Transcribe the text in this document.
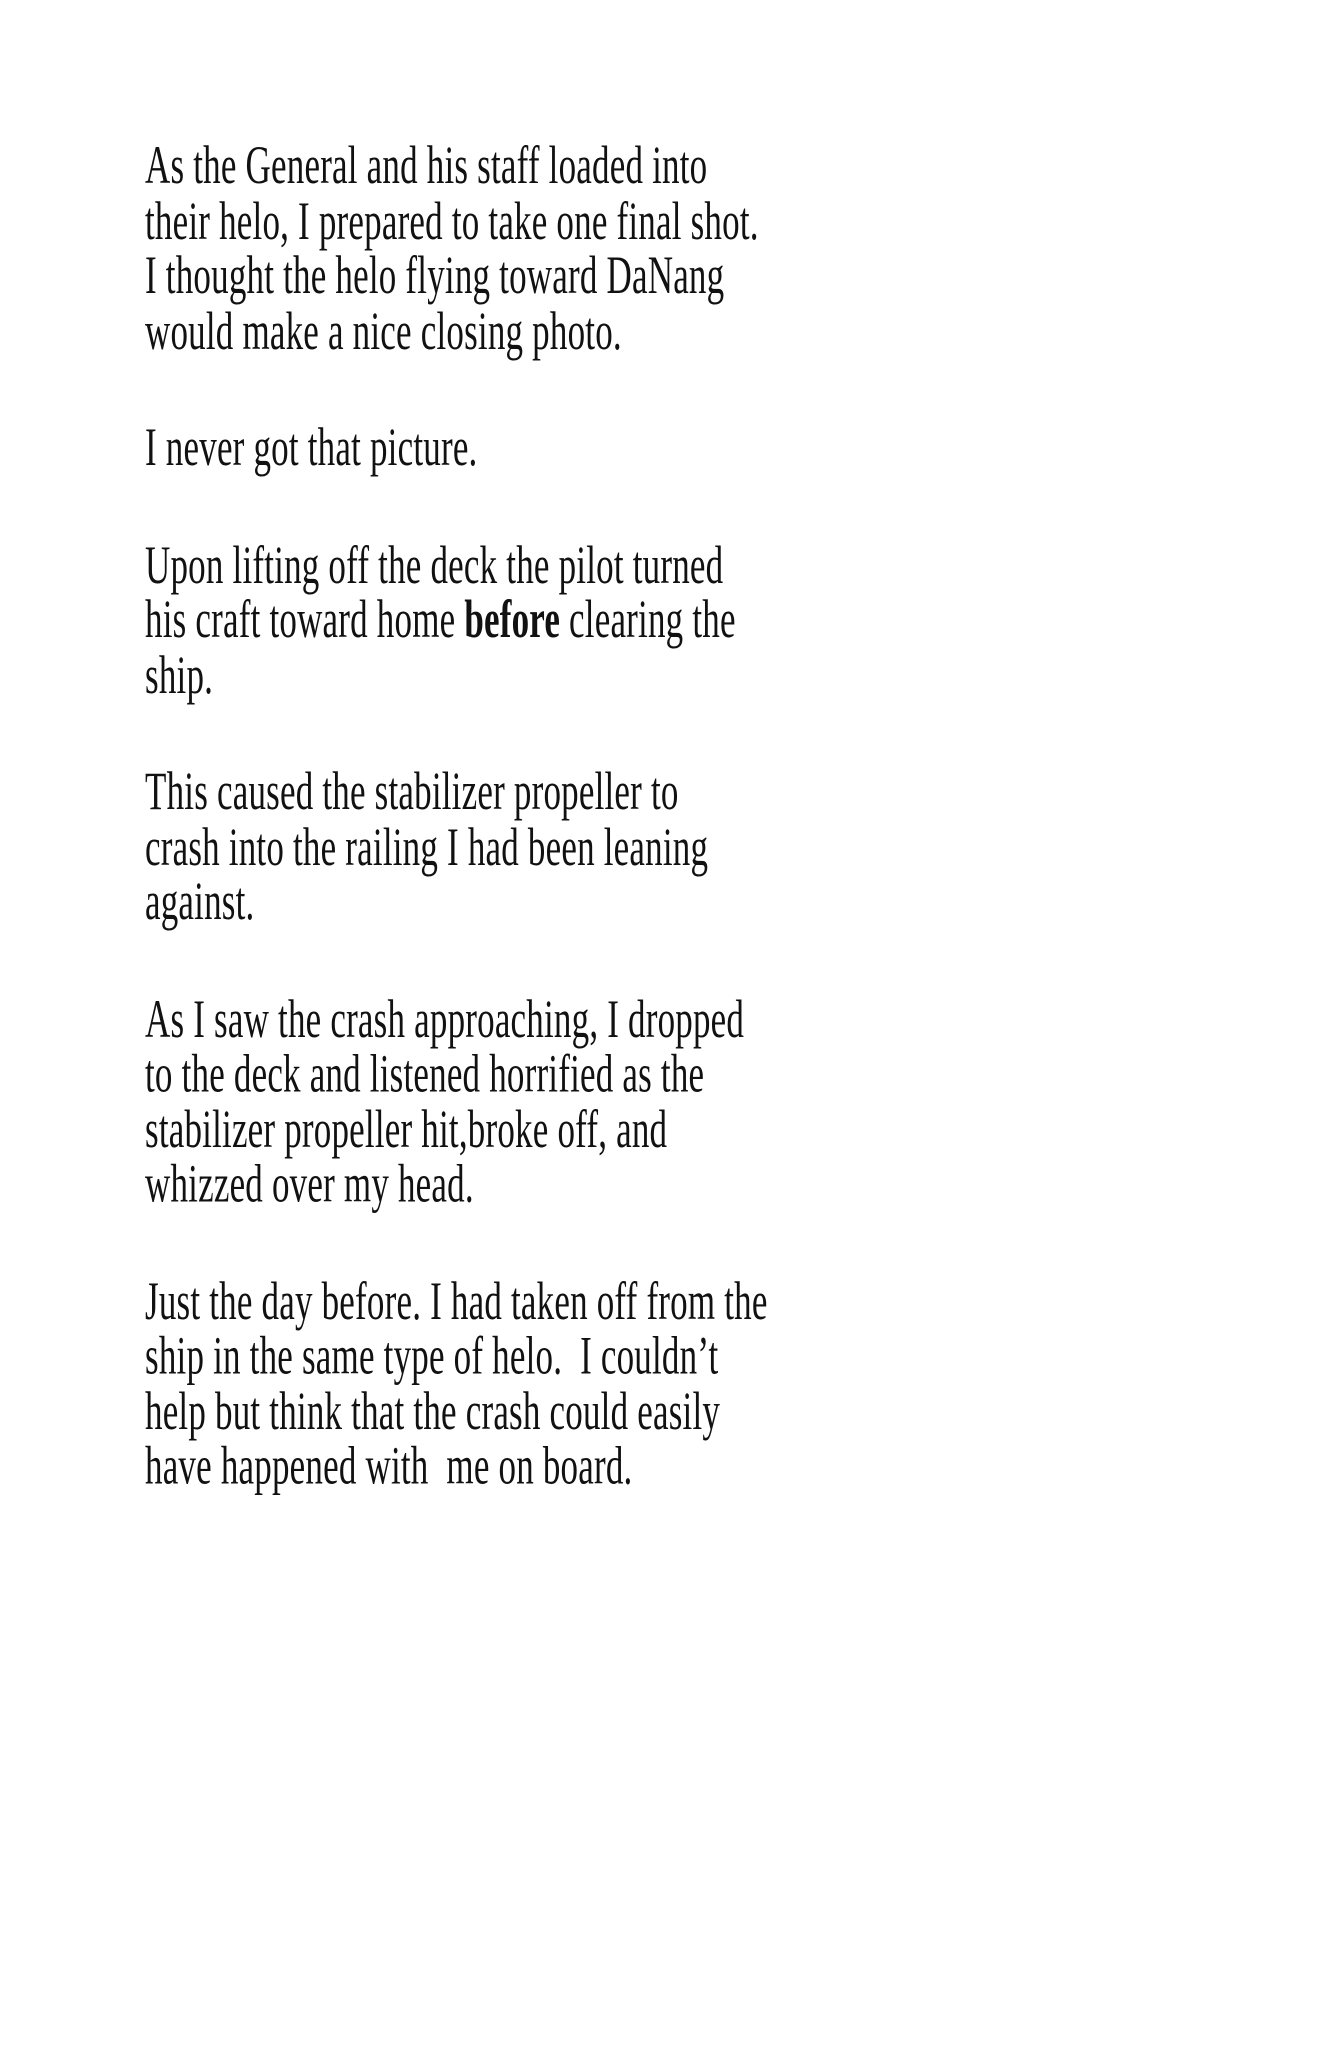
As the General and his staff loaded into
their helo, I prepared to take one final shot.
I thought the helo flying toward DaNang
would make a nice closing photo.

I never got that picture.

Upon lifting off the deck the pilot turned
his craft toward home before clearing the
ship.

This caused the stabilizer propeller to
crash into the railing I had been leaning
against.

As I saw the crash approaching, I dropped
to the deck and listened horrified as the
stabilizer propeller hit,broke off, and
whizzed over my head.

Just the day before. I had taken off from the
ship in the same type of helo.  I couldn’t
help but think that the crash could easily
have happened with  me on board.
